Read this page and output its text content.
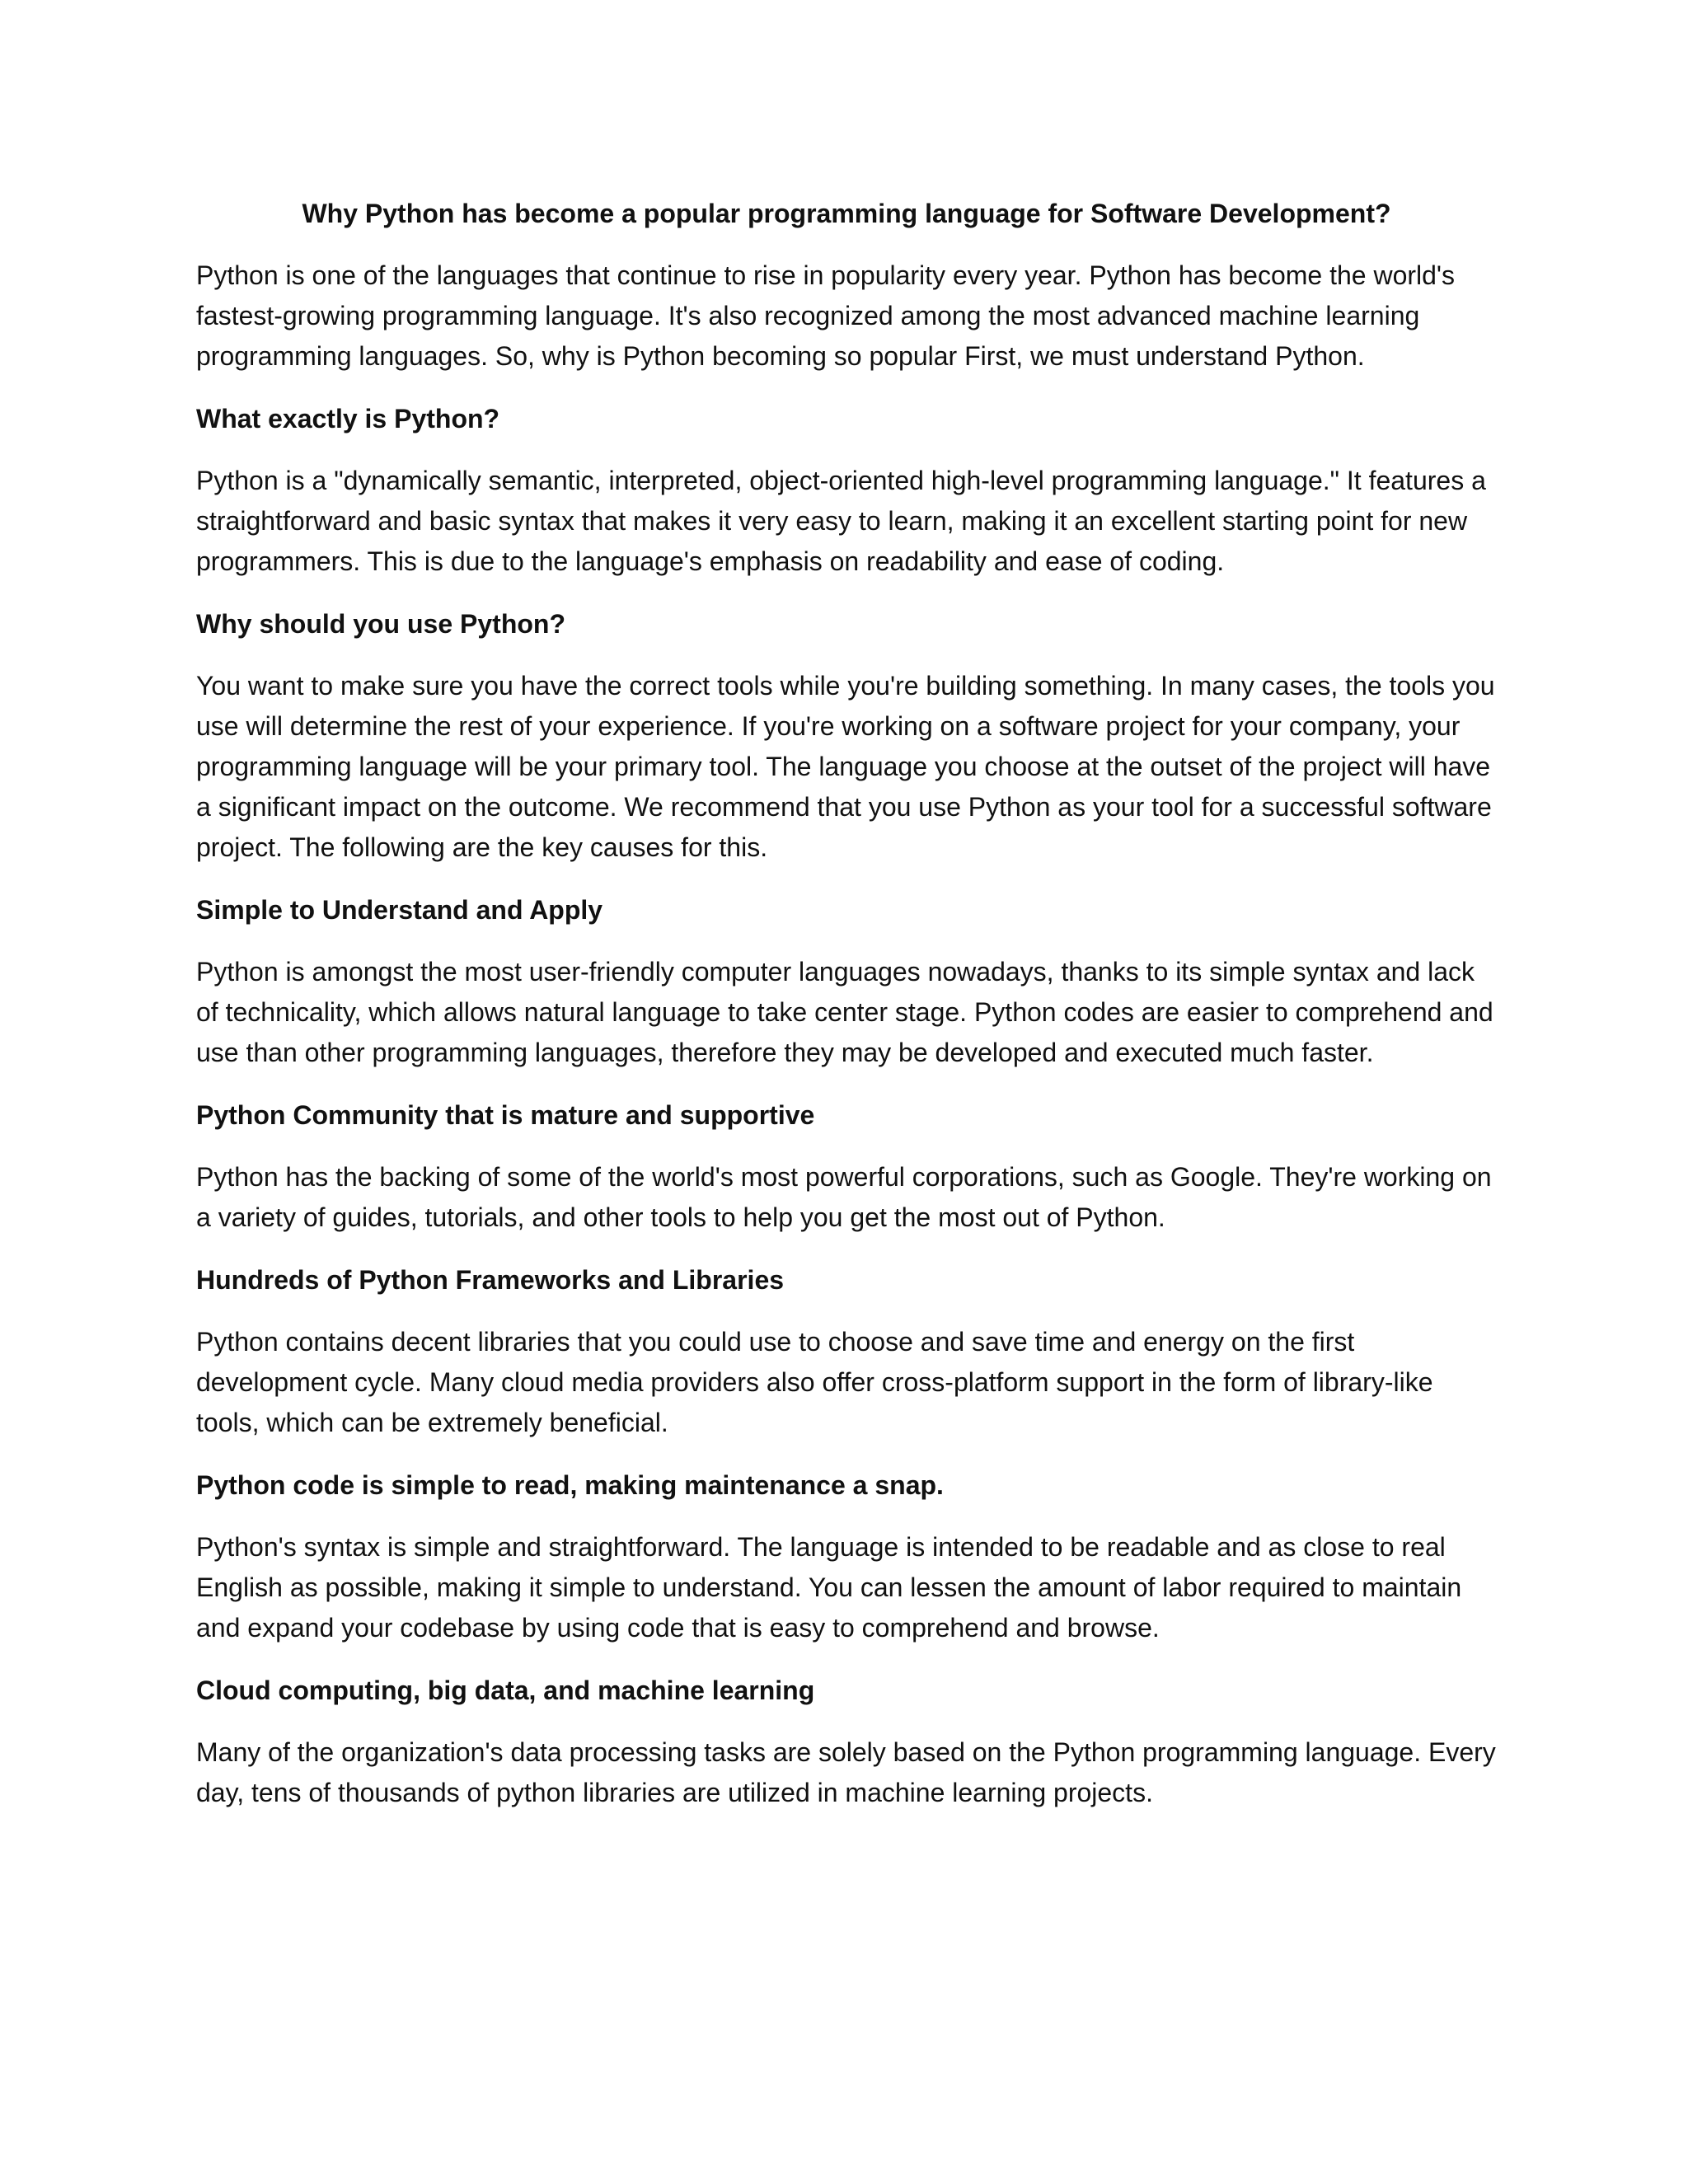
Why Python has become a popular programming language for Software Development?

Python is one of the languages that continue to rise in popularity every year. Python has become the world's fastest-growing programming language. It's also recognized among the most advanced machine learning programming languages. So, why is Python becoming so popular First, we must understand Python.

What exactly is Python?

Python is a "dynamically semantic, interpreted, object-oriented high-level programming language." It features a straightforward and basic syntax that makes it very easy to learn, making it an excellent starting point for new programmers. This is due to the language's emphasis on readability and ease of coding.

Why should you use Python?

You want to make sure you have the correct tools while you're building something. In many cases, the tools you use will determine the rest of your experience. If you're working on a software project for your company, your programming language will be your primary tool. The language you choose at the outset of the project will have a significant impact on the outcome. We recommend that you use Python as your tool for a successful software project. The following are the key causes for this.

Simple to Understand and Apply

Python is amongst the most user-friendly computer languages nowadays, thanks to its simple syntax and lack of technicality, which allows natural language to take center stage. Python codes are easier to comprehend and use than other programming languages, therefore they may be developed and executed much faster.

Python Community that is mature and supportive

Python has the backing of some of the world's most powerful corporations, such as Google. They're working on a variety of guides, tutorials, and other tools to help you get the most out of Python.

Hundreds of Python Frameworks and Libraries

Python contains decent libraries that you could use to choose and save time and energy on the first development cycle. Many cloud media providers also offer cross-platform support in the form of library-like tools, which can be extremely beneficial.

Python code is simple to read, making maintenance a snap.

Python's syntax is simple and straightforward. The language is intended to be readable and as close to real English as possible, making it simple to understand. You can lessen the amount of labor required to maintain and expand your codebase by using code that is easy to comprehend and browse.

Cloud computing, big data, and machine learning

Many of the organization's data processing tasks are solely based on the Python programming language. Every day, tens of thousands of python libraries are utilized in machine learning projects.
